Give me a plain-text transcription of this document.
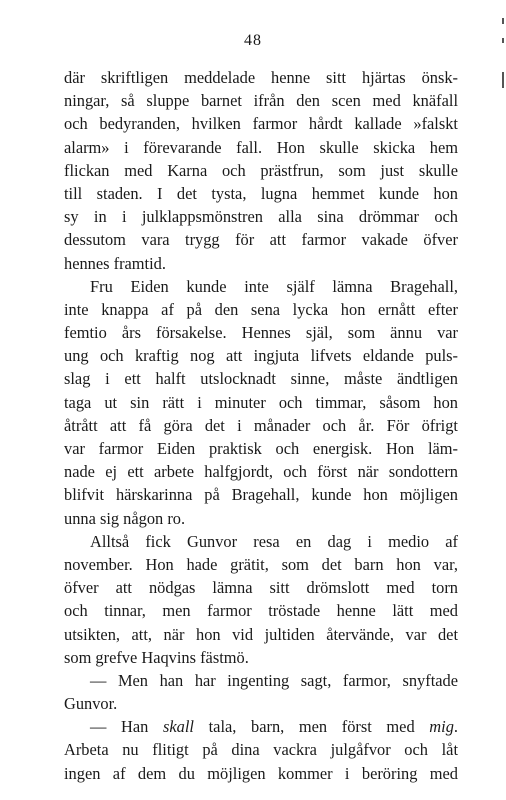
48
där skriftligen meddelade henne sitt hjärtas önsk-
ningar, så sluppe barnet ifrån den scen med knäfall
och bedyranden, hvilken farmor hårdt kallade »falskt
alarm» i förevarande fall. Hon skulle skicka hem
flickan med Karna och prästfrun, som just skulle
till staden. I det tysta, lugna hemmet kunde hon
sy in i julklappsmönstren alla sina drömmar och
dessutom vara trygg för att farmor vakade öfver
hennes framtid.
Fru Eiden kunde inte själf lämna Bragehall,
inte knappa af på den sena lycka hon ernått efter
femtio års försakelse. Hennes själ, som ännu var
ung och kraftig nog att ingjuta lifvets eldande puls-
slag i ett halft utslocknadt sinne, måste ändtligen
taga ut sin rätt i minuter och timmar, såsom hon
åtrått att få göra det i månader och år. För öfrigt
var farmor Eiden praktisk och energisk. Hon läm-
nade ej ett arbete halfgjordt, och först när sondottern
blifvit härskarinna på Bragehall, kunde hon möjligen
unna sig någon ro.
Alltså fick Gunvor resa en dag i medio af
november. Hon hade grätit, som det barn hon var,
öfver att nödgas lämna sitt drömslott med torn
och tinnar, men farmor tröstade henne lätt med
utsikten, att, när hon vid jultiden återvände, var det
som grefve Haqvins fästmö.
— Men han har ingenting sagt, farmor, snyftade
Gunvor.
— Han skall tala, barn, men först med mig.
Arbeta nu flitigt på dina vackra julgåfvor och låt
ingen af dem du möjligen kommer i beröring med
